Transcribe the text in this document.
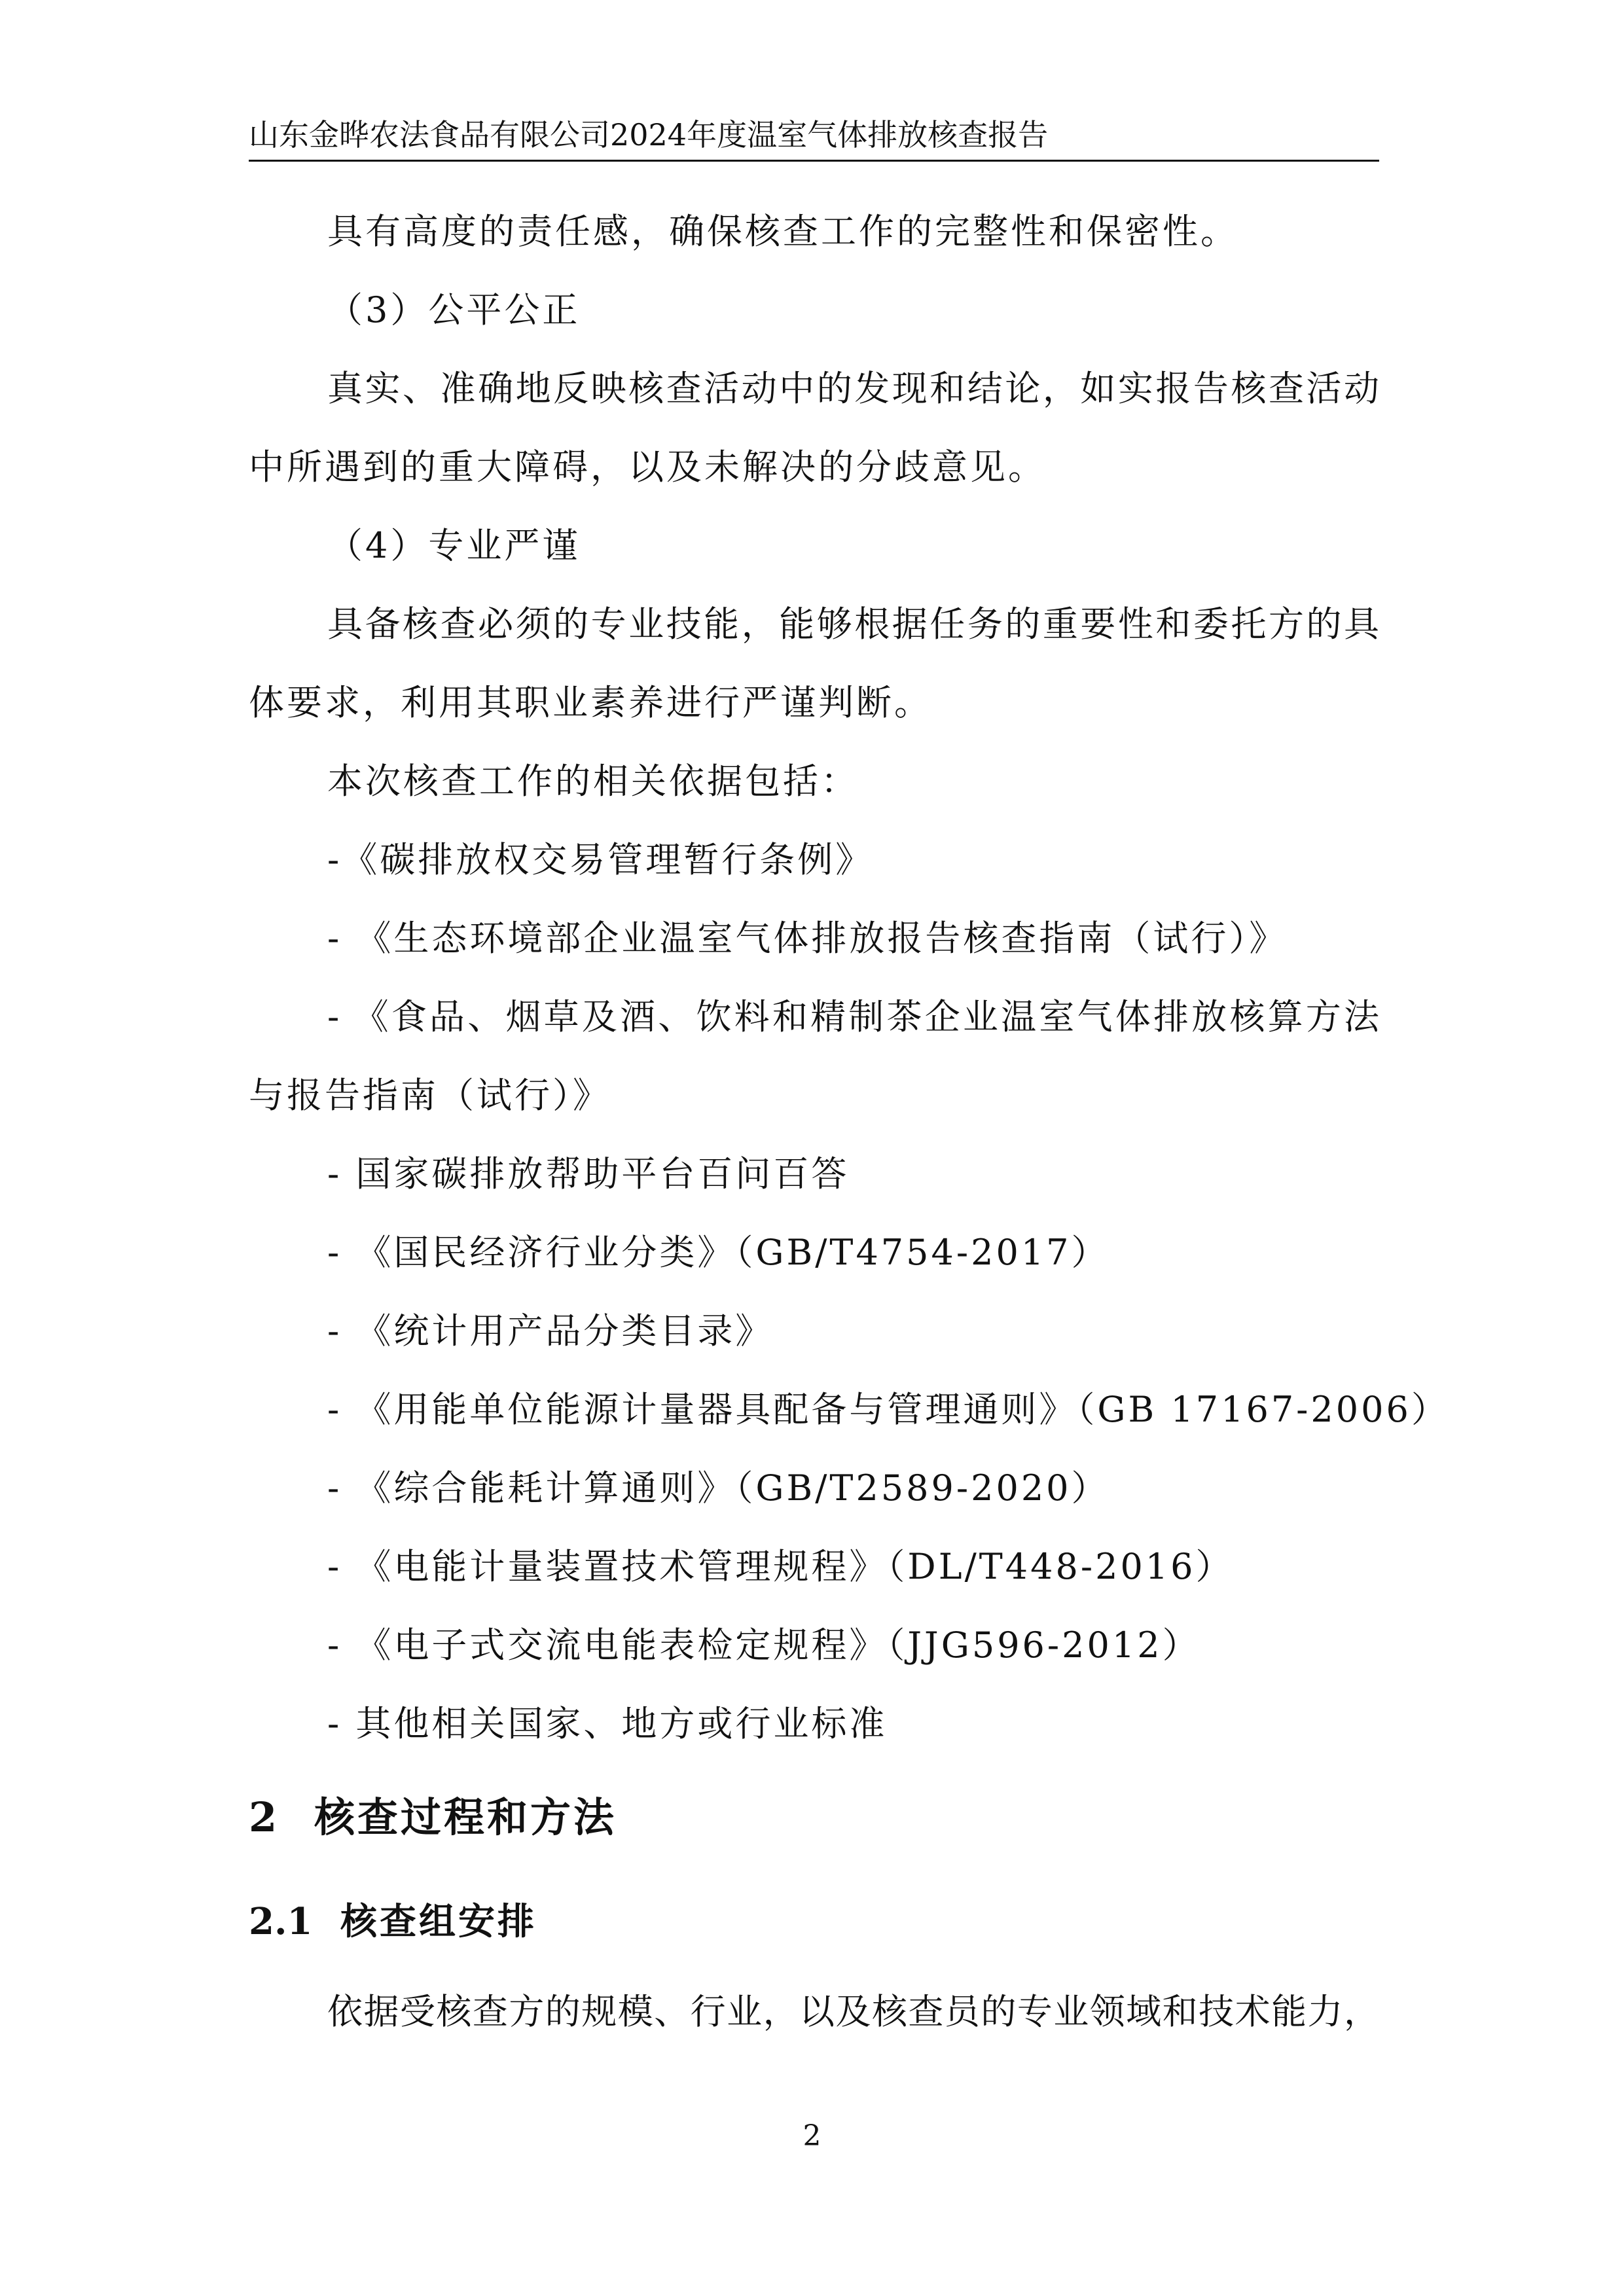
山东金晔农法食品有限公司2024年度温室气体排放核查报告
具有高度的责任感，确保核查工作的完整性和保密性。
（3）公平公正
真实、准确地反映核查活动中的发现和结论，如实报告核查活动
中所遇到的重大障碍，以及未解决的分歧意见。
（4）专业严谨
具备核查必须的专业技能，能够根据任务的重要性和委托方的具
体要求，利用其职业素养进行严谨判断。
本次核查工作的相关依据包括：
-《碳排放权交易管理暂行条例》
- 《生态环境部企业温室气体排放报告核查指南（试行）》
- 《食品、烟草及酒、饮料和精制茶企业温室气体排放核算方法
与报告指南（试行）》
- 国家碳排放帮助平台百问百答
- 《国民经济行业分类》（GB/T4754-2017）
- 《统计用产品分类目录》
- 《用能单位能源计量器具配备与管理通则》（GB 17167-2006）
- 《综合能耗计算通则》（GB/T2589-2020）
- 《电能计量装置技术管理规程》（DL/T448-2016）
- 《电子式交流电能表检定规程》（JJG596-2012）
- 其他相关国家、地方或行业标准
2 核查过程和方法
2.1 核查组安排
依据受核查方的规模、行业，以及核查员的专业领域和技术能力，
2
